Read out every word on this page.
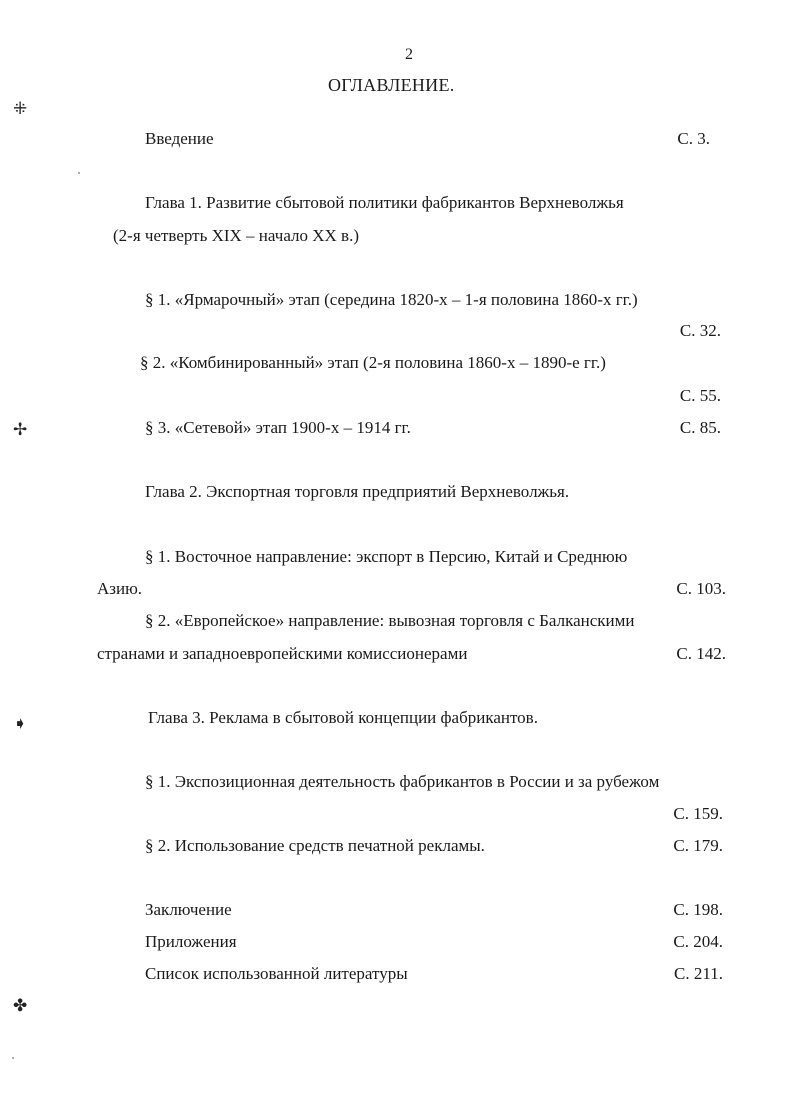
2
ОГЛАВЛЕНИЕ.
⁜
✢
➧
✤
Введение	С. 3.
Глава 1. Развитие сбытовой политики фабрикантов Верхневолжья
(2-я четверть XIX – начало XX в.)
§ 1. «Ярмарочный» этап (середина 1820-х – 1-я половина 1860-х гг.)
С. 32.
§ 2. «Комбинированный» этап (2-я половина 1860-х – 1890-е гг.)
С. 55.
§ 3. «Сетевой» этап 1900-х – 1914 гг.	С. 85.
Глава 2. Экспортная торговля предприятий Верхневолжья.
§ 1. Восточное направление: экспорт в Персию, Китай и Среднюю
Азию.	С. 103.
§ 2. «Европейское» направление: вывозная торговля с Балканскими
странами и западноевропейскими комиссионерами	С. 142.
Глава 3. Реклама в сбытовой концепции фабрикантов.
§ 1. Экспозиционная деятельность фабрикантов в России и за рубежом
С. 159.
§ 2. Использование средств печатной рекламы.	С. 179.
Заключение	С. 198.
Приложения	С. 204.
Список использованной литературы	С. 211.
